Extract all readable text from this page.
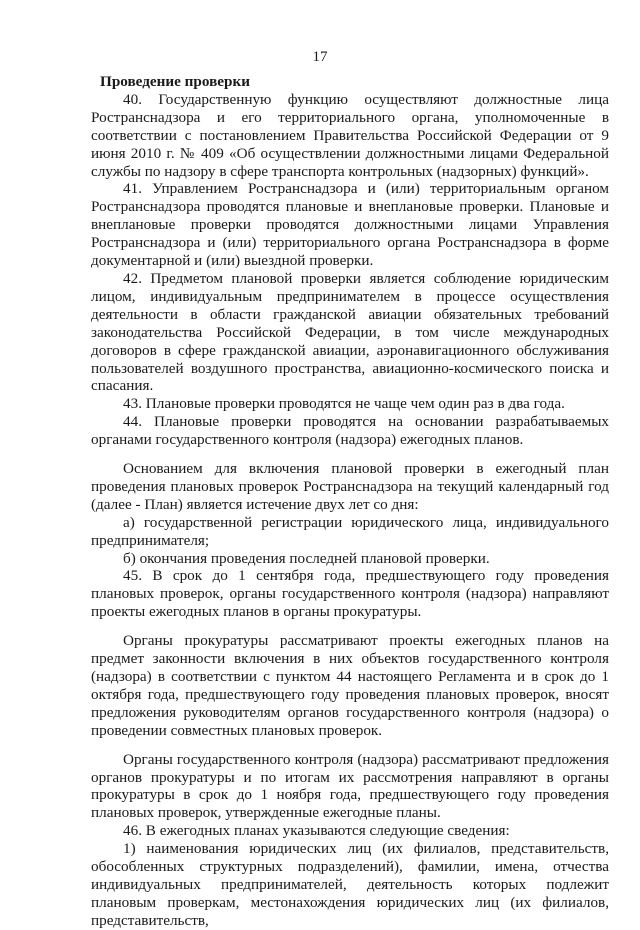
17

Проведение проверки

40. Государственную функцию осуществляют должностные лица Ространснадзора и его территориального органа, уполномоченные в соответствии с постановлением Правительства Российской Федерации от 9 июня 2010 г. № 409 «Об осуществлении должностными лицами Федеральной службы по надзору в сфере транспорта контрольных (надзорных) функций».

41. Управлением Ространснадзора и (или) территориальным органом Ространснадзора проводятся плановые и внеплановые проверки. Плановые и внеплановые проверки проводятся должностными лицами Управления Ространснадзора и (или) территориального органа Ространснадзора в форме документарной и (или) выездной проверки.

42. Предметом плановой проверки является соблюдение юридическим лицом, индивидуальным предпринимателем в процессе осуществления деятельности в области гражданской авиации обязательных требований законодательства Российской Федерации, в том числе международных договоров в сфере гражданской авиации, аэронавигационного обслуживания пользователей воздушного пространства, авиационно-космического поиска и спасания.

43. Плановые проверки проводятся не чаще чем один раз в два года.

44. Плановые проверки проводятся на основании разрабатываемых органами государственного контроля (надзора) ежегодных планов.

Основанием для включения плановой проверки в ежегодный план проведения плановых проверок Ространснадзора на текущий календарный год (далее - План) является истечение двух лет со дня:

а) государственной регистрации юридического лица, индивидуального предпринимателя;

б) окончания проведения последней плановой проверки.

45. В срок до 1 сентября года, предшествующего году проведения плановых проверок, органы государственного контроля (надзора) направляют проекты ежегодных планов в органы прокуратуры.

Органы прокуратуры рассматривают проекты ежегодных планов на предмет законности включения в них объектов государственного контроля (надзора) в соответствии с пунктом 44 настоящего Регламента и в срок до 1 октября года, предшествующего году проведения плановых проверок, вносят предложения руководителям органов государственного контроля (надзора) о проведении совместных плановых проверок.

Органы государственного контроля (надзора) рассматривают предложения органов прокуратуры и по итогам их рассмотрения направляют в органы прокуратуры в срок до 1 ноября года, предшествующего году проведения плановых проверок, утвержденные ежегодные планы.

46. В ежегодных планах указываются следующие сведения:

1) наименования юридических лиц (их филиалов, представительств, обособленных структурных подразделений), фамилии, имена, отчества индивидуальных предпринимателей, деятельность которых подлежит плановым проверкам, местонахождения юридических лиц (их филиалов, представительств,
